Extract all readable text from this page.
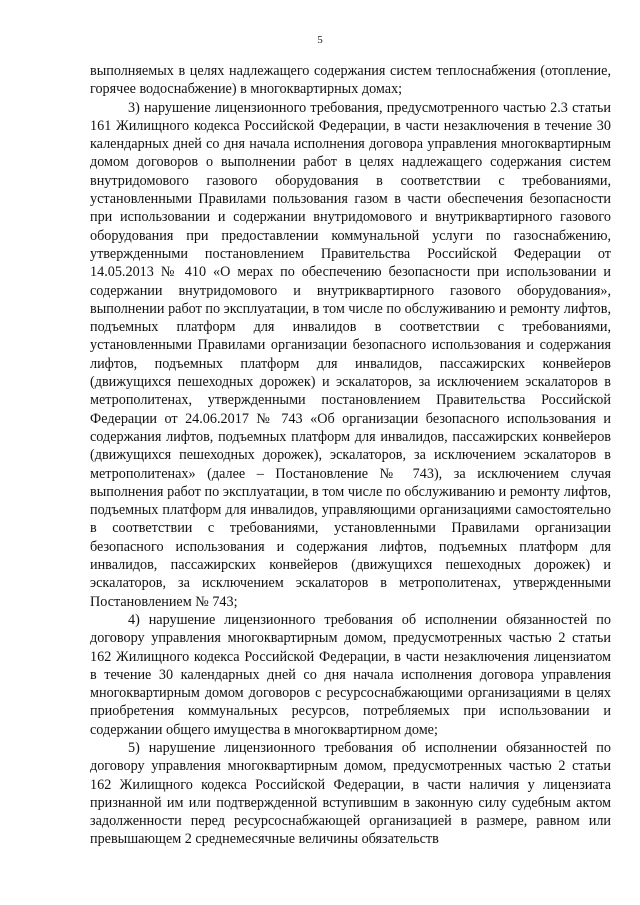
5

выполняемых в целях надлежащего содержания систем теплоснабжения (отопление, горячее водоснабжение) в многоквартирных домах;

3) нарушение лицензионного требования, предусмотренного частью 2.3 статьи 161 Жилищного кодекса Российской Федерации, в части незаключения в течение 30 календарных дней со дня начала исполнения договора управления многоквартирным домом договоров о выполнении работ в целях надлежащего содержания систем внутридомового газового оборудования в соответствии с требованиями, установленными Правилами пользования газом в части обеспечения безопасности при использовании и содержании внутридомового и внутриквартирного газового оборудования при предоставлении коммунальной услуги по газоснабжению, утвержденными постановлением Правительства Российской Федерации от 14.05.2013 № 410 «О мерах по обеспечению безопасности при использовании и содержании внутридомового и внутриквартирного газового оборудования», выполнении работ по эксплуатации, в том числе по обслуживанию и ремонту лифтов, подъемных платформ для инвалидов в соответствии с требованиями, установленными Правилами организации безопасного использования и содержания лифтов, подъемных платформ для инвалидов, пассажирских конвейеров (движущихся пешеходных дорожек) и эскалаторов, за исключением эскалаторов в метрополитенах, утвержденными постановлением Правительства Российской Федерации от 24.06.2017 № 743 «Об организации безопасного использования и содержания лифтов, подъемных платформ для инвалидов, пассажирских конвейеров (движущихся пешеходных дорожек), эскалаторов, за исключением эскалаторов в метрополитенах» (далее – Постановление № 743), за исключением случая выполнения работ по эксплуатации, в том числе по обслуживанию и ремонту лифтов, подъемных платформ для инвалидов, управляющими организациями самостоятельно в соответствии с требованиями, установленными Правилами организации безопасного использования и содержания лифтов, подъемных платформ для инвалидов, пассажирских конвейеров (движущихся пешеходных дорожек) и эскалаторов, за исключением эскалаторов в метрополитенах, утвержденными Постановлением № 743;

4) нарушение лицензионного требования об исполнении обязанностей по договору управления многоквартирным домом, предусмотренных частью 2 статьи 162 Жилищного кодекса Российской Федерации, в части незаключения лицензиатом в течение 30 календарных дней со дня начала исполнения договора управления многоквартирным домом договоров с ресурсоснабжающими организациями в целях приобретения коммунальных ресурсов, потребляемых при использовании и содержании общего имущества в многоквартирном доме;

5) нарушение лицензионного требования об исполнении обязанностей по договору управления многоквартирным домом, предусмотренных частью 2 статьи 162 Жилищного кодекса Российской Федерации, в части наличия у лицензиата признанной им или подтвержденной вступившим в законную силу судебным актом задолженности перед ресурсоснабжающей организацией в размере, равном или превышающем 2 среднемесячные величины обязательств
